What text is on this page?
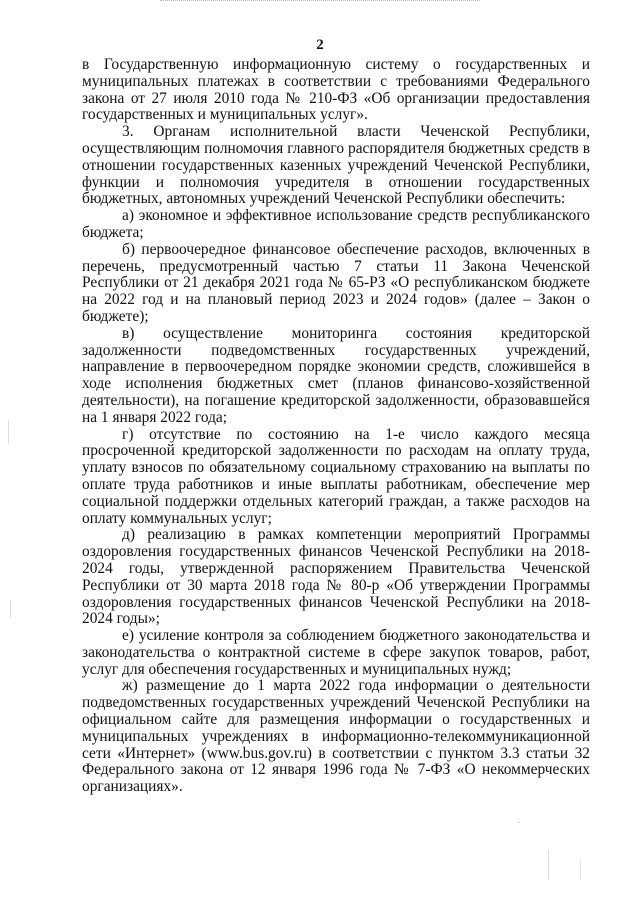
2

в Государственную информационную систему о государственных и муниципальных платежах в соответствии с требованиями Федерального закона от 27 июля 2010 года № 210-ФЗ «Об организации предоставления государственных и муниципальных услуг».

3. Органам исполнительной власти Чеченской Республики, осуществляющим полномочия главного распорядителя бюджетных средств в отношении государственных казенных учреждений Чеченской Республики, функции и полномочия учредителя в отношении государственных бюджетных, автономных учреждений Чеченской Республики обеспечить:

а) экономное и эффективное использование средств республиканского бюджета;

б) первоочередное финансовое обеспечение расходов, включенных в перечень, предусмотренный частью 7 статьи 11 Закона Чеченской Республики от 21 декабря 2021 года № 65-РЗ «О республиканском бюджете на 2022 год и на плановый период 2023 и 2024 годов» (далее – Закон о бюджете);

в) осуществление мониторинга состояния кредиторской задолженности подведомственных государственных учреждений, направление в первоочередном порядке экономии средств, сложившейся в ходе исполнения бюджетных смет (планов финансово-хозяйственной деятельности), на погашение кредиторской задолженности, образовавшейся на 1 января 2022 года;

г) отсутствие по состоянию на 1-е число каждого месяца просроченной кредиторской задолженности по расходам на оплату труда, уплату взносов по обязательному социальному страхованию на выплаты по оплате труда работников и иные выплаты работникам, обеспечение мер социальной поддержки отдельных категорий граждан, а также расходов на оплату коммунальных услуг;

д) реализацию в рамках компетенции мероприятий Программы оздоровления государственных финансов Чеченской Республики на 2018-2024 годы, утвержденной распоряжением Правительства Чеченской Республики от 30 марта 2018 года № 80-р «Об утверждении Программы оздоровления государственных финансов Чеченской Республики на 2018-2024 годы»;

е) усиление контроля за соблюдением бюджетного законодательства и законодательства о контрактной системе в сфере закупок товаров, работ, услуг для обеспечения государственных и муниципальных нужд;

ж) размещение до 1 марта 2022 года информации о деятельности подведомственных государственных учреждений Чеченской Республики на официальном сайте для размещения информации о государственных и муниципальных учреждениях в информационно-телекоммуникационной сети «Интернет» (www.bus.gov.ru) в соответствии с пунктом 3.3 статьи 32 Федерального закона от 12 января 1996 года № 7-ФЗ «О некоммерческих организациях».
